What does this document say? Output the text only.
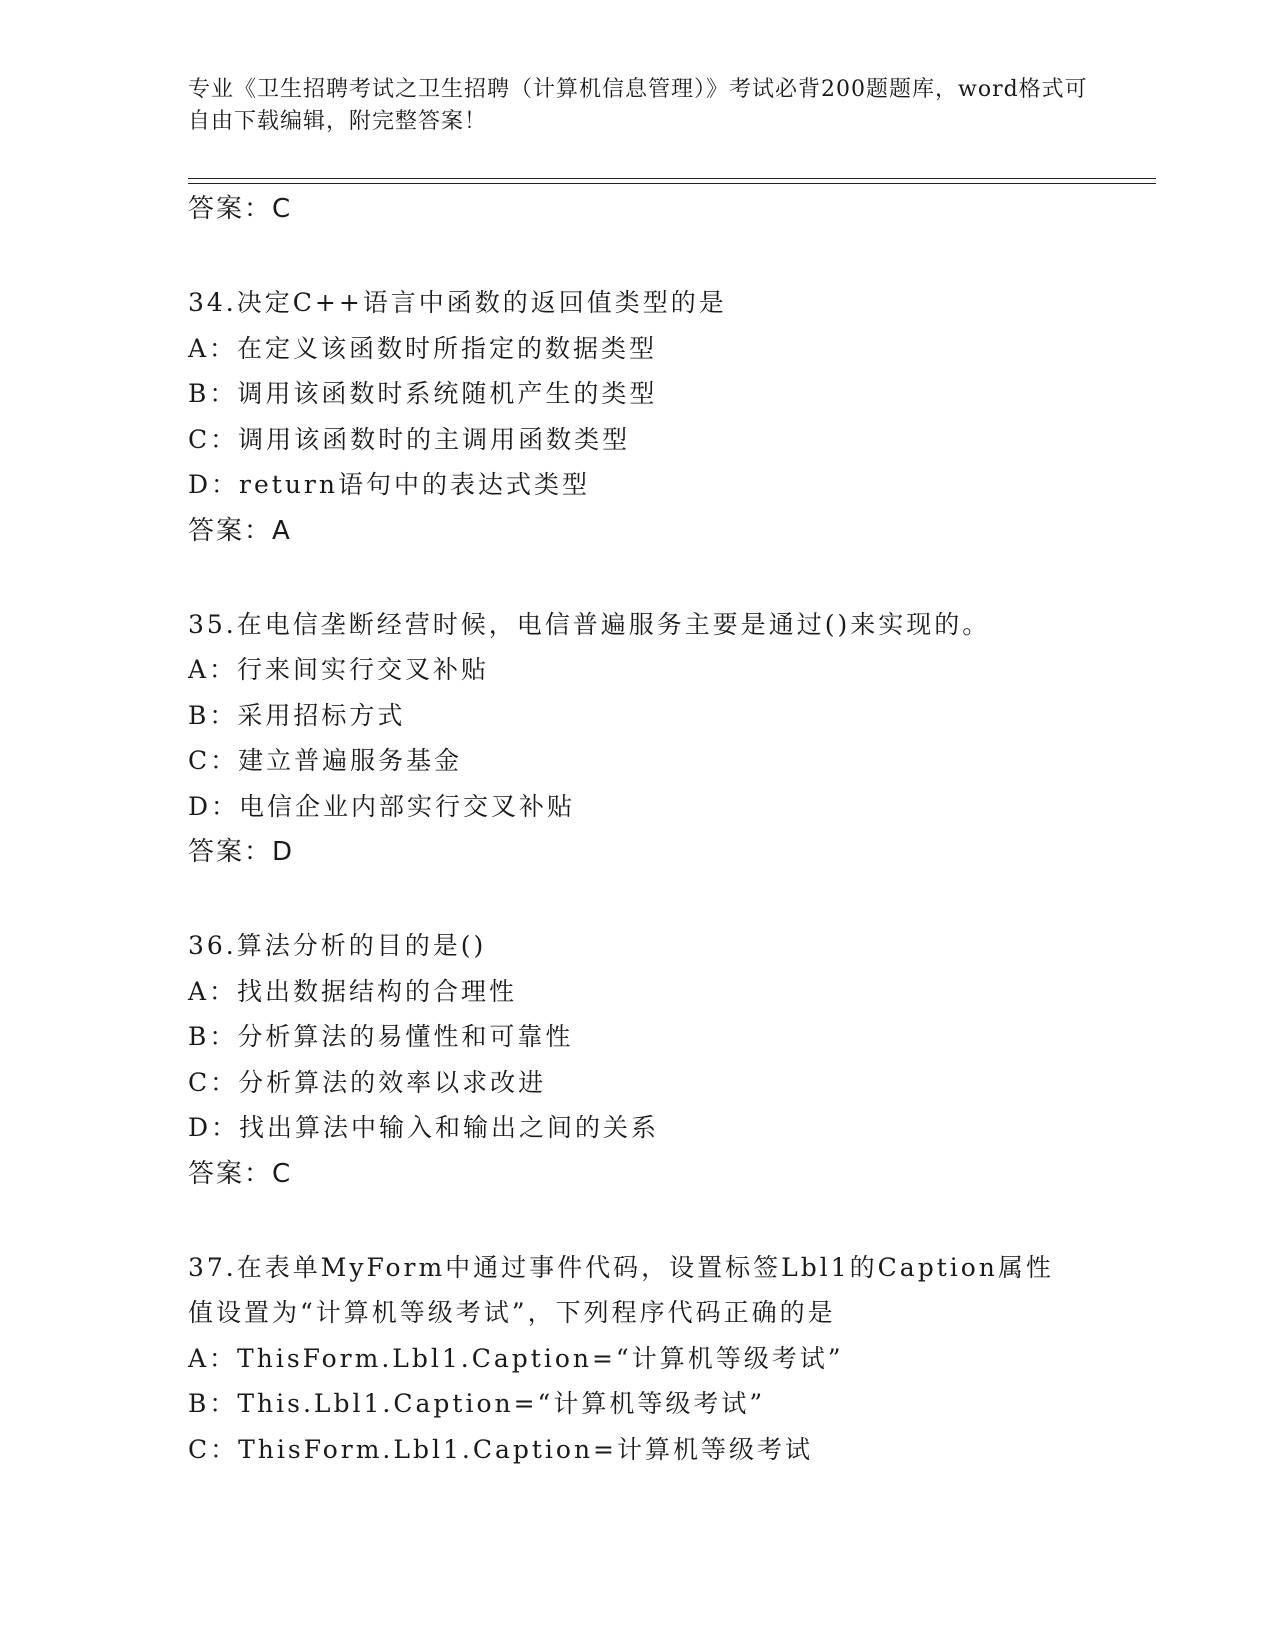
专业《卫生招聘考试之卫生招聘（计算机信息管理）》考试必背200题题库，word格式可自由下载编辑，附完整答案！
答案：C
34.决定C++语言中函数的返回值类型的是
A：在定义该函数时所指定的数据类型
B：调用该函数时系统随机产生的类型
C：调用该函数时的主调用函数类型
D：return语句中的表达式类型
答案：A
35.在电信垄断经营时候，电信普遍服务主要是通过()来实现的。
A：行来间实行交叉补贴
B：采用招标方式
C：建立普遍服务基金
D：电信企业内部实行交叉补贴
答案：D
36.算法分析的目的是()
A：找出数据结构的合理性
B：分析算法的易懂性和可靠性
C：分析算法的效率以求改进
D：找出算法中输入和输出之间的关系
答案：C
37.在表单MyForm中通过事件代码，设置标签Lbl1的Caption属性值设置为“计算机等级考试”，下列程序代码正确的是
A：ThisForm.Lbl1.Caption=“计算机等级考试”
B：This.Lbl1.Caption=“计算机等级考试”
C：ThisForm.Lbl1.Caption=计算机等级考试
